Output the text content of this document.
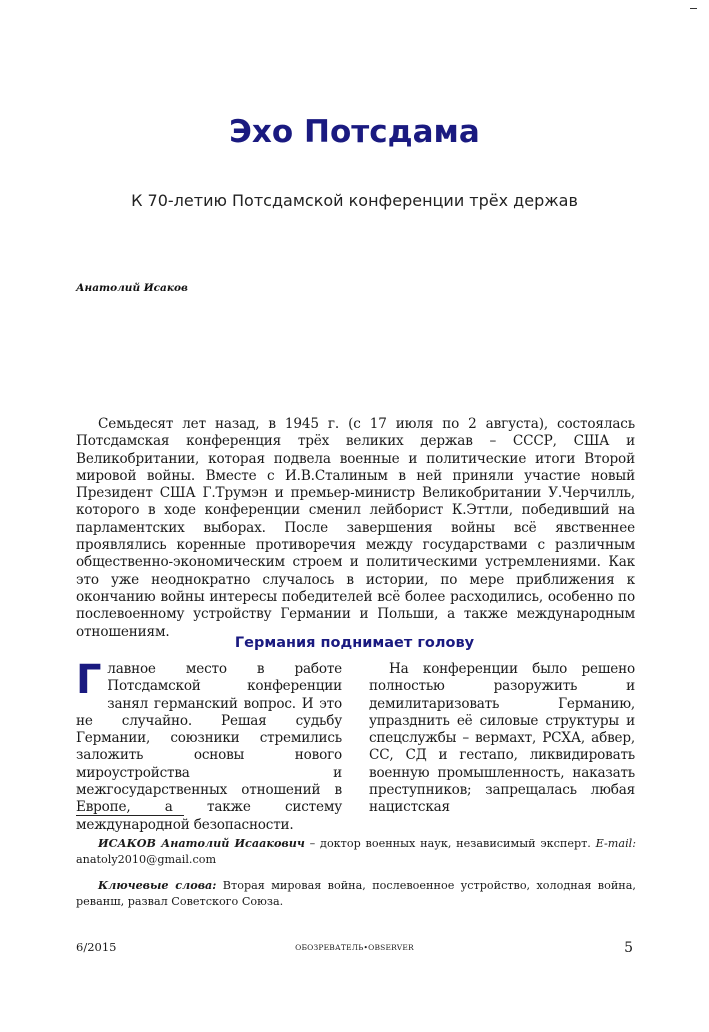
Эхо Потсдама
К 70-летию Потсдамской конференции трёх держав
Анатолий Исаков

Семьдесят лет назад, в 1945 г. (с 17 июля по 2 августа), состоялась Потсдамская конференция трёх великих держав – СССР, США и Великобритании, которая подвела военные и политические итоги Второй мировой войны. Вместе с И.В.Сталиным в ней приняли участие новый Президент США Г.Трумэн и премьер-министр Великобритании У.Черчилль, которого в ходе конференции сменил лейборист К.Эттли, победивший на парламентских выборах. После завершения войны всё явственнее проявлялись коренные противоречия между государствами с различным общественно-экономическим строем и политическими устремлениями. Как это уже неоднократно случалось в истории, по мере приближения к окончанию войны интересы победителей всё более расходились, особенно по послевоенному устройству Германии и Польши, а также международным отношениям.

Германия поднимает голову

Главное место в работе Потсдамской конференции занял германский вопрос. И это не случайно. Решая судьбу Германии, союзники стремились заложить основы нового мироустройства и межгосударственных отношений в Европе, а также систему международной безопасности.

На конференции было решено полностью разоружить и демилитаризовать Германию, упразднить её силовые структуры и спецслужбы – вермахт, РСХА, абвер, СС, СД и гестапо, ликвидировать военную промышленность, наказать преступников; запрещалась любая нацистская

ИСАКОВ Анатолий Исаакович – доктор военных наук, независимый эксперт. E-mail: anatoly2010@gmail.com

Ключевые слова: Вторая мировая война, послевоенное устройство, холодная война, реванш, развал Советского Союза.

6/2015	ОБОЗРЕВАТЕЛЬ•OBSERVER	5
